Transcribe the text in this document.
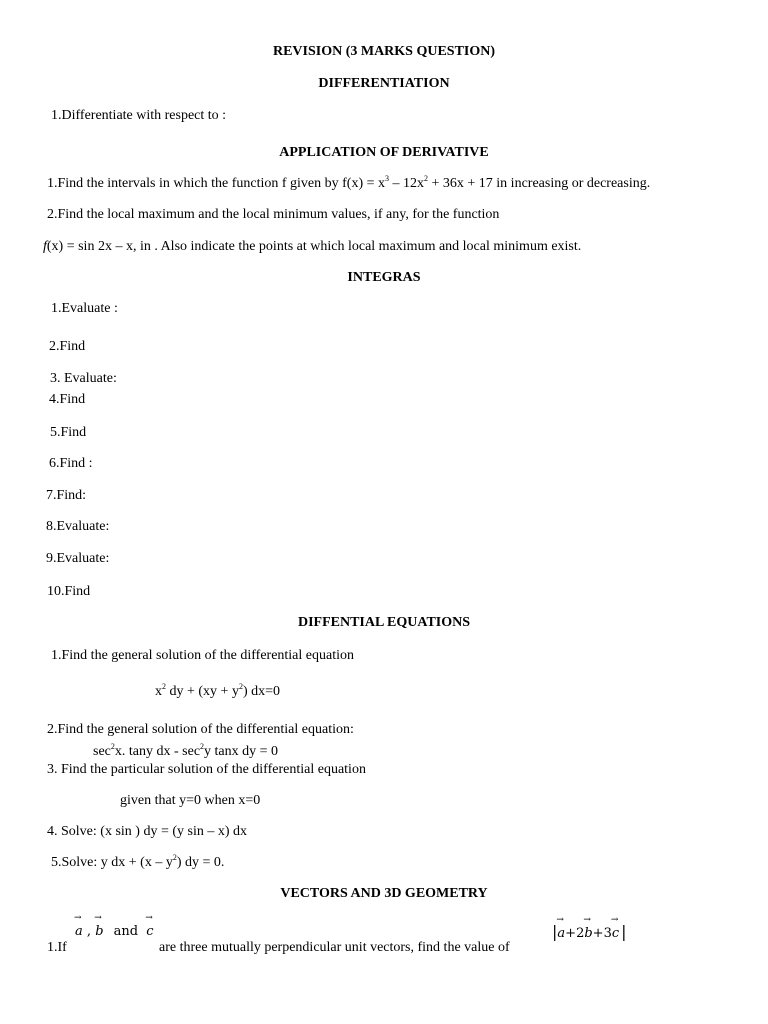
REVISION (3 MARKS QUESTION)
DIFFERENTIATION
1.Differentiate with respect to :
APPLICATION OF DERIVATIVE
1.Find the intervals in which the function f given by $f(x) = x^3 - 12x^2 + 36x + 17$ in increasing or decreasing.
2.Find the local maximum and the local minimum values, if any, for the function
f(x) = sin 2x – x, in . Also indicate the points at which local maximum and local minimum exist.
INTEGRAS
1.Evaluate :
2.Find
3. Evaluate:
4.Find
5.Find
6.Find :
7.Find:
8.Evaluate:
9.Evaluate:
10.Find
DIFFENTIAL EQUATIONS
1.Find the general solution of the differential equation
$x^2$ dy + $(xy + y^2)$ dx=0
2.Find the general solution of the differential equation:
$\sec^2x$. tany dx - $\sec^2y$ tanx dy = 0
3. Find the particular solution of the differential equation
given that y=0 when x=0
4. Solve: (x sin ) dy = (y sin – x) dx
5.Solve: y dx + $(x - y^2)$ dy = 0.
VECTORS AND 3D GEOMETRY
→ a , → b and → c
1.If	are three mutually perpendicular unit vectors, find the value of
|→ a+2→ b+3→ c |
